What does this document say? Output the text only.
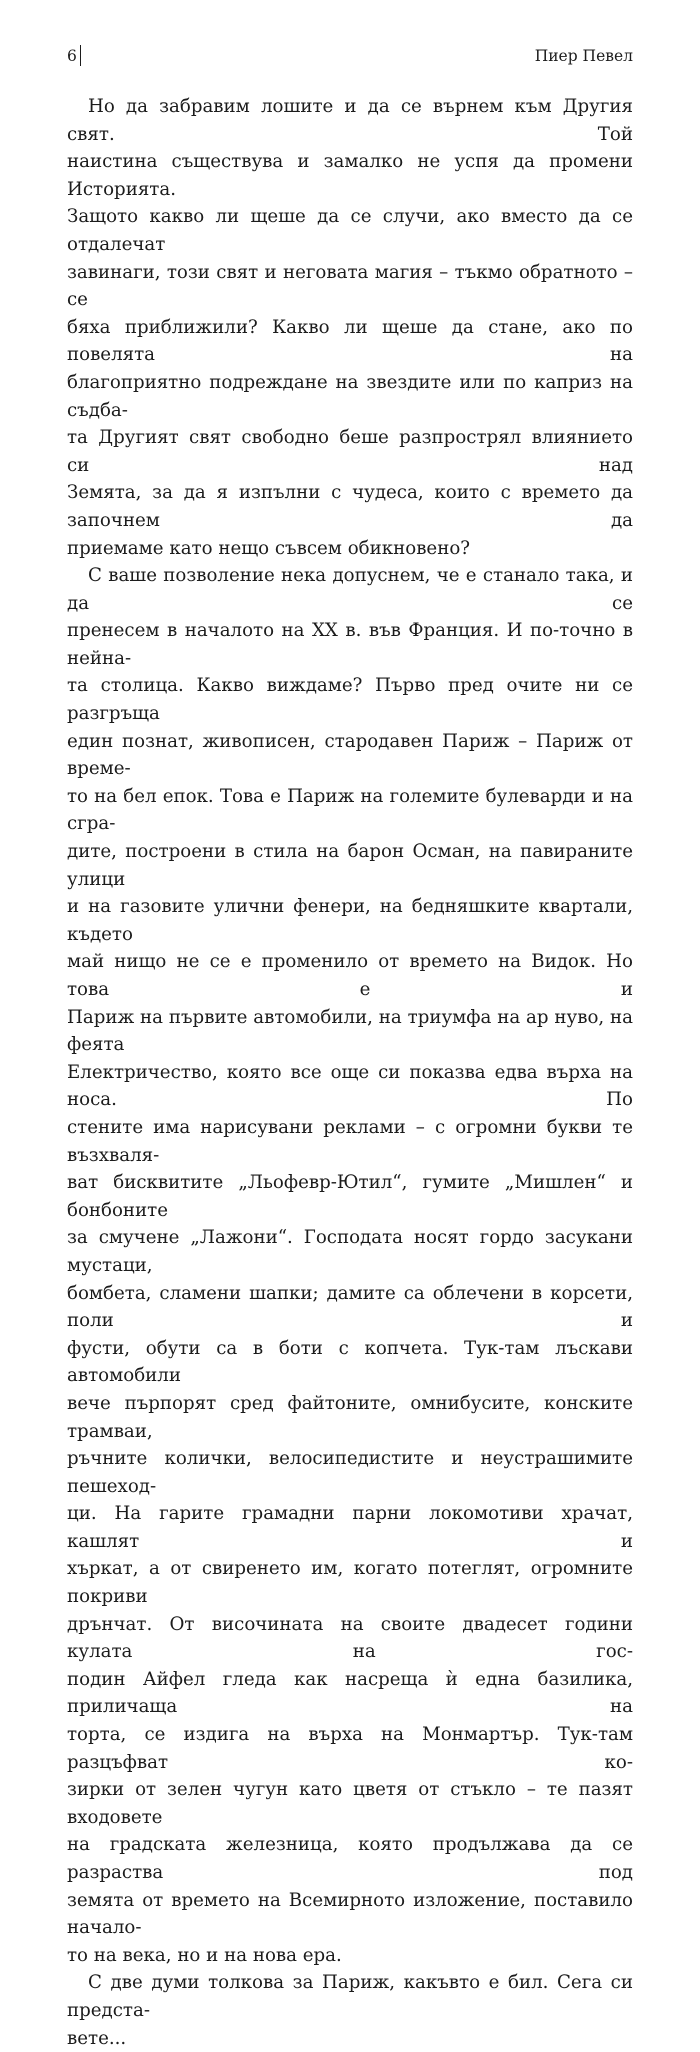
6	Пиер Певел

Но да забравим лошите и да се върнем към Другия свят. Той
наистина съществува и замалко не успя да промени Историята.
Защото какво ли щеше да се случи, ако вместо да се отдалечат
завинаги, този свят и неговата магия – тъкмо обратното – се
бяха приближили? Какво ли щеше да стане, ако по повелята на
благоприятно подреждане на звездите или по каприз на съдба-
та Другият свят свободно беше разпрострял влиянието си над
Земята, за да я изпълни с чудеса, които с времето да започнем да
приемаме като нещо съвсем обикновено?

С ваше позволение нека допуснем, че е станало така, и да се
пренесем в началото на XX в. във Франция. И по-точно в нейна-
та столица. Какво виждаме? Първо пред очите ни се разгръща
един познат, живописен, стародавен Париж – Париж от време-
то на бел епок. Това е Париж на големите булеварди и на сгра-
дите, построени в стила на барон Осман, на павираните улици
и на газовите улични фенери, на бедняшките квартали, където
май нищо не се е променило от времето на Видок. Но това е и
Париж на първите автомобили, на триумфа на ар нуво, на феята
Електричество, която все още си показва едва върха на носа. По
стените има нарисувани реклами – с огромни букви те възхваля-
ват бисквитите „Льофевр-Ютил“, гумите „Мишлен“ и бонбоните
за смучене „Лажони“. Господата носят гордо засукани мустаци,
бомбета, сламени шапки; дамите са облечени в корсети, поли и
фусти, обути са в боти с копчета. Тук-там лъскави автомобили
вече пърпорят сред файтоните, омнибусите, конските трамваи,
ръчните колички, велосипедистите и неустрашимите пешеход-
ци. На гарите грамадни парни локомотиви храчат, кашлят и
хъркат, а от свиренето им, когато потеглят, огромните покриви
дрънчат. От височината на своите двадесет години кулата на гос-
подин Айфел гледа как насреща ѝ една базилика, приличаща на
торта, се издига на върха на Монмартър. Тук-там разцъфват ко-
зирки от зелен чугун като цветя от стъкло – те пазят входовете
на градската железница, която продължава да се разраства под
земята от времето на Всемирното изложение, поставило начало-
то на века, но и на нова ера.

С две думи толкова за Париж, какъвто е бил. Сега си предста-
вете...
